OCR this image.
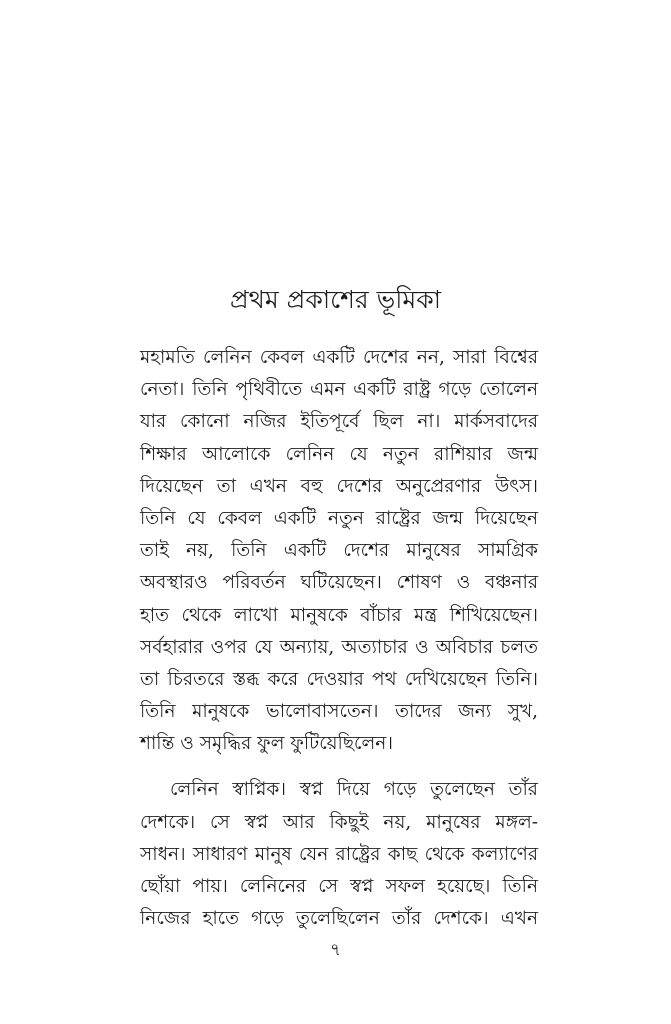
প্রথম প্রকাশের ভূমিকা

মহামতি লেনিন কেবল একটি দেশের নন, সারা বিশ্বের
নেতা। তিনি পৃথিবীতে এমন একটি রাষ্ট্র গড়ে তোলেন
যার কোনো নজির ইতিপূর্বে ছিল না। মার্কসবাদের
শিক্ষার আলোকে লেনিন যে নতুন রাশিয়ার জন্ম
দিয়েছেন তা এখন বহু দেশের অনুপ্রেরণার উৎস।
তিনি যে কেবল একটি নতুন রাষ্ট্রের জন্ম দিয়েছেন
তাই নয়, তিনি একটি দেশের মানুষের সামগ্রিক
অবস্থারও পরিবর্তন ঘটিয়েছেন। শোষণ ও বঞ্চনার
হাত থেকে লাখো মানুষকে বাঁচার মন্ত্র শিখিয়েছেন।
সর্বহারার ওপর যে অন্যায়, অত্যাচার ও অবিচার চলত
তা চিরতরে স্তব্ধ করে দেওয়ার পথ দেখিয়েছেন তিনি।
তিনি মানুষকে ভালোবাসতেন। তাদের জন্য সুখ,
শান্তি ও সমৃদ্ধির ফুল ফুটিয়েছিলেন।

লেনিন স্বাপ্নিক। স্বপ্ন দিয়ে গড়ে তুলেছেন তাঁর
দেশকে। সে স্বপ্ন আর কিছুই নয়, মানুষের মঙ্গল-
সাধন। সাধারণ মানুষ যেন রাষ্ট্রের কাছ থেকে কল্যাণের
ছোঁয়া পায়। লেনিনের সে স্বপ্ন সফল হয়েছে। তিনি
নিজের হাতে গড়ে তুলেছিলেন তাঁর দেশকে। এখন

৭
